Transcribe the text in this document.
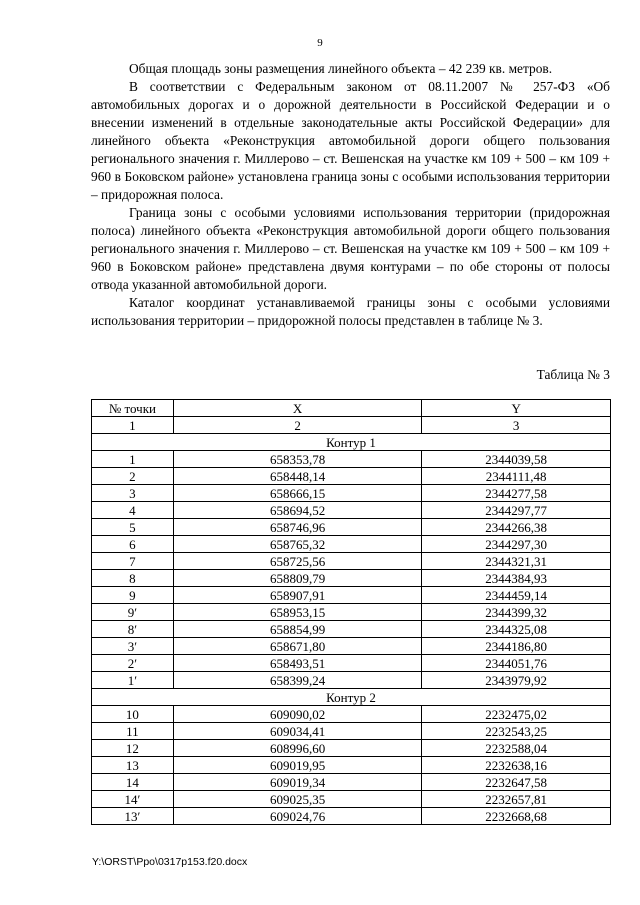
9

Общая площадь зоны размещения линейного объекта – 42 239 кв. метров.

В соответствии с Федеральным законом от 08.11.2007 № 257-ФЗ «Об автомобильных дорогах и о дорожной деятельности в Российской Федерации и о внесении изменений в отдельные законодательные акты Российской Федерации» для линейного объекта «Реконструкция автомобильной дороги общего пользования регионального значения г. Миллерово – ст. Вешенская на участке км 109 + 500 – км 109 + 960 в Боковском районе» установлена граница зоны с особыми использования территории – придорожная полоса.

Граница зоны с особыми условиями использования территории (придорожная полоса) линейного объекта «Реконструкция автомобильной дороги общего пользования регионального значения г. Миллерово – ст. Вешенская на участке км 109 + 500 – км 109 + 960 в Боковском районе» представлена двумя контурами – по обе стороны от полосы отвода указанной автомобильной дороги.

Каталог координат устанавливаемой границы зоны с особыми условиями использования территории – придорожной полосы представлен в таблице № 3.

Таблица № 3
№ точки	X	Y
1	2	3
Контур 1		
1	658353,78	2344039,58
2	658448,14	2344111,48
3	658666,15	2344277,58
4	658694,52	2344297,77
5	658746,96	2344266,38
6	658765,32	2344297,30
7	658725,56	2344321,31
8	658809,79	2344384,93
9	658907,91	2344459,14
9′	658953,15	2344399,32
8′	658854,99	2344325,08
3′	658671,80	2344186,80
2′	658493,51	2344051,76
1′	658399,24	2343979,92
Контур 2		
10	609090,02	2232475,02
11	609034,41	2232543,25
12	608996,60	2232588,04
13	609019,95	2232638,16
14	609019,34	2232647,58
14′	609025,35	2232657,81
13′	609024,76	2232668,68
Y:\ORST\Ppo\0317p153.f20.docx
